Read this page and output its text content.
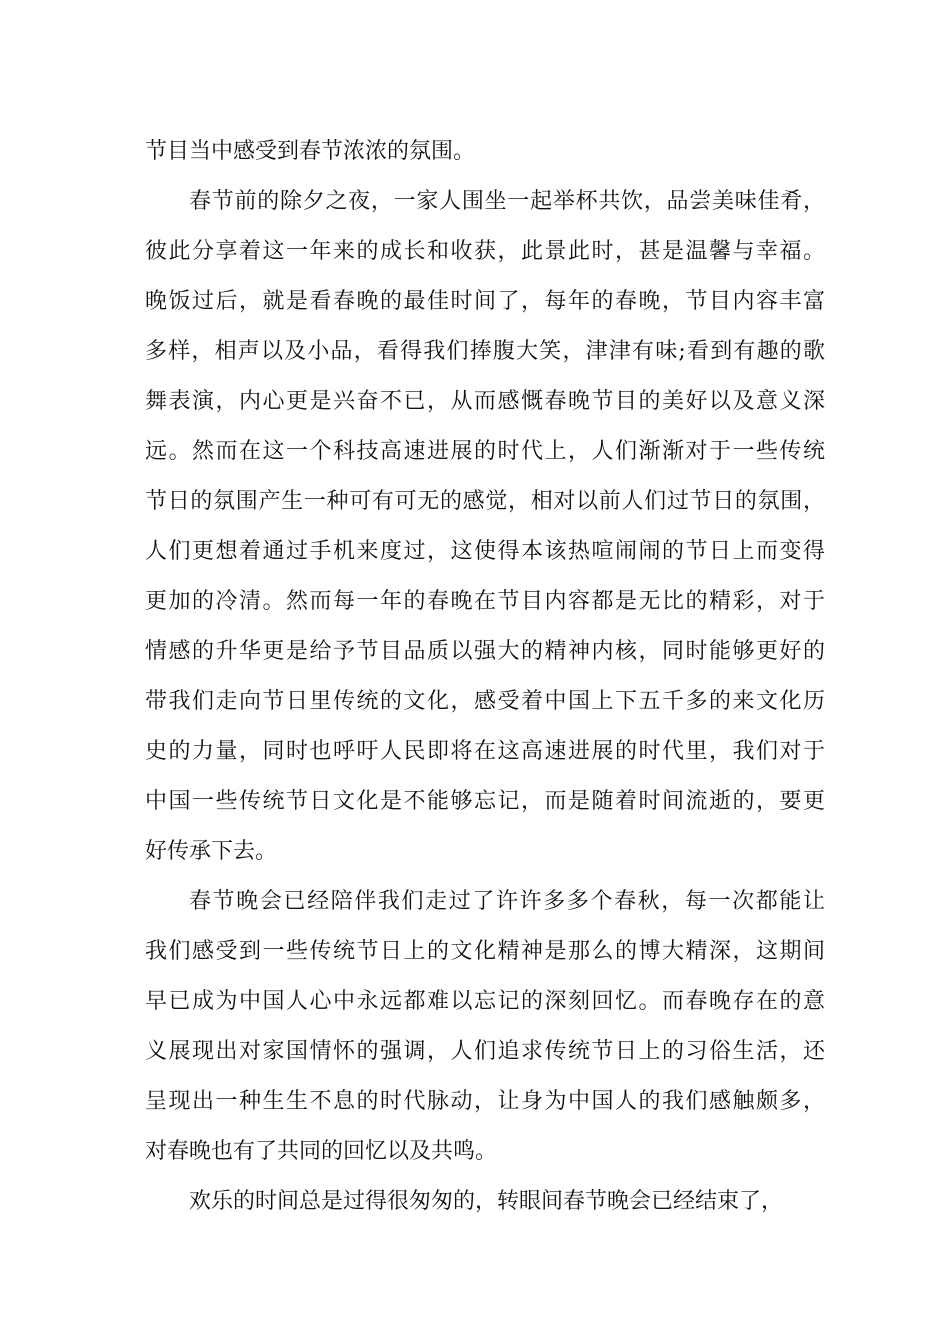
节目当中感受到春节浓浓的氛围。
春节前的除夕之夜，一家人围坐一起举杯共饮，品尝美味佳肴，
彼此分享着这一年来的成长和收获，此景此时，甚是温馨与幸福。
晚饭过后，就是看春晚的最佳时间了，每年的春晚，节目内容丰富
多样，相声以及小品，看得我们捧腹大笑，津津有味;看到有趣的歌
舞表演，内心更是兴奋不已，从而感慨春晚节目的美好以及意义深
远。然而在这一个科技高速进展的时代上，人们渐渐对于一些传统
节日的氛围产生一种可有可无的感觉，相对以前人们过节日的氛围，
人们更想着通过手机来度过，这使得本该热喧闹闹的节日上而变得
更加的冷清。然而每一年的春晚在节目内容都是无比的精彩，对于
情感的升华更是给予节目品质以强大的精神内核，同时能够更好的
带我们走向节日里传统的文化，感受着中国上下五千多的来文化历
史的力量，同时也呼吁人民即将在这高速进展的时代里，我们对于
中国一些传统节日文化是不能够忘记，而是随着时间流逝的，要更
好传承下去。
春节晚会已经陪伴我们走过了许许多多个春秋，每一次都能让
我们感受到一些传统节日上的文化精神是那么的博大精深，这期间
早已成为中国人心中永远都难以忘记的深刻回忆。而春晚存在的意
义展现出对家国情怀的强调，人们追求传统节日上的习俗生活，还
呈现出一种生生不息的时代脉动，让身为中国人的我们感触颇多，
对春晚也有了共同的回忆以及共鸣。
欢乐的时间总是过得很匆匆的，转眼间春节晚会已经结束了，
